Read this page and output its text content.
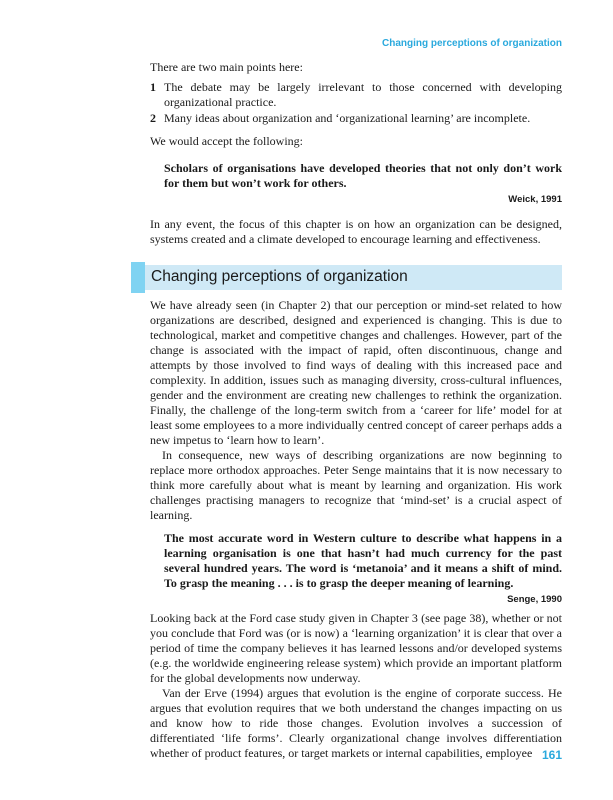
Changing perceptions of organization

There are two main points here:

1 The debate may be largely irrelevant to those concerned with developing organizational practice.
2 Many ideas about organization and ‘organizational learning’ are incomplete.

We would accept the following:

Scholars of organisations have developed theories that not only don’t work for them but won’t work for others.
Weick, 1991

In any event, the focus of this chapter is on how an organization can be designed, systems created and a climate developed to encourage learning and effectiveness.

Changing perceptions of organization

We have already seen (in Chapter 2) that our perception or mind-set related to how organizations are described, designed and experienced is changing. This is due to technological, market and competitive changes and challenges. However, part of the change is associated with the impact of rapid, often discontinuous, change and attempts by those involved to find ways of dealing with this increased pace and complexity. In addition, issues such as managing diversity, cross-cultural influences, gender and the environment are creating new challenges to rethink the organization. Finally, the challenge of the long-term switch from a ‘career for life’ model for at least some employees to a more individually centred concept of career perhaps adds a new impetus to ‘learn how to learn’.

In consequence, new ways of describing organizations are now beginning to replace more orthodox approaches. Peter Senge maintains that it is now necessary to think more carefully about what is meant by learning and organization. His work challenges practising managers to recognize that ‘mind-set’ is a crucial aspect of learning.

The most accurate word in Western culture to describe what happens in a learning organisation is one that hasn’t had much currency for the past several hundred years. The word is ‘metanoia’ and it means a shift of mind. To grasp the meaning . . . is to grasp the deeper meaning of learning.
Senge, 1990

Looking back at the Ford case study given in Chapter 3 (see page 38), whether or not you conclude that Ford was (or is now) a ‘learning organization’ it is clear that over a period of time the company believes it has learned lessons and/or developed systems (e.g. the worldwide engineering release system) which provide an important platform for the global developments now underway.

Van der Erve (1994) argues that evolution is the engine of corporate success. He argues that evolution requires that we both understand the changes impacting on us and know how to ride those changes. Evolution involves a succession of differentiated ‘life forms’. Clearly organizational change involves differentiation whether of product features, or target markets or internal capabilities, employee 161
